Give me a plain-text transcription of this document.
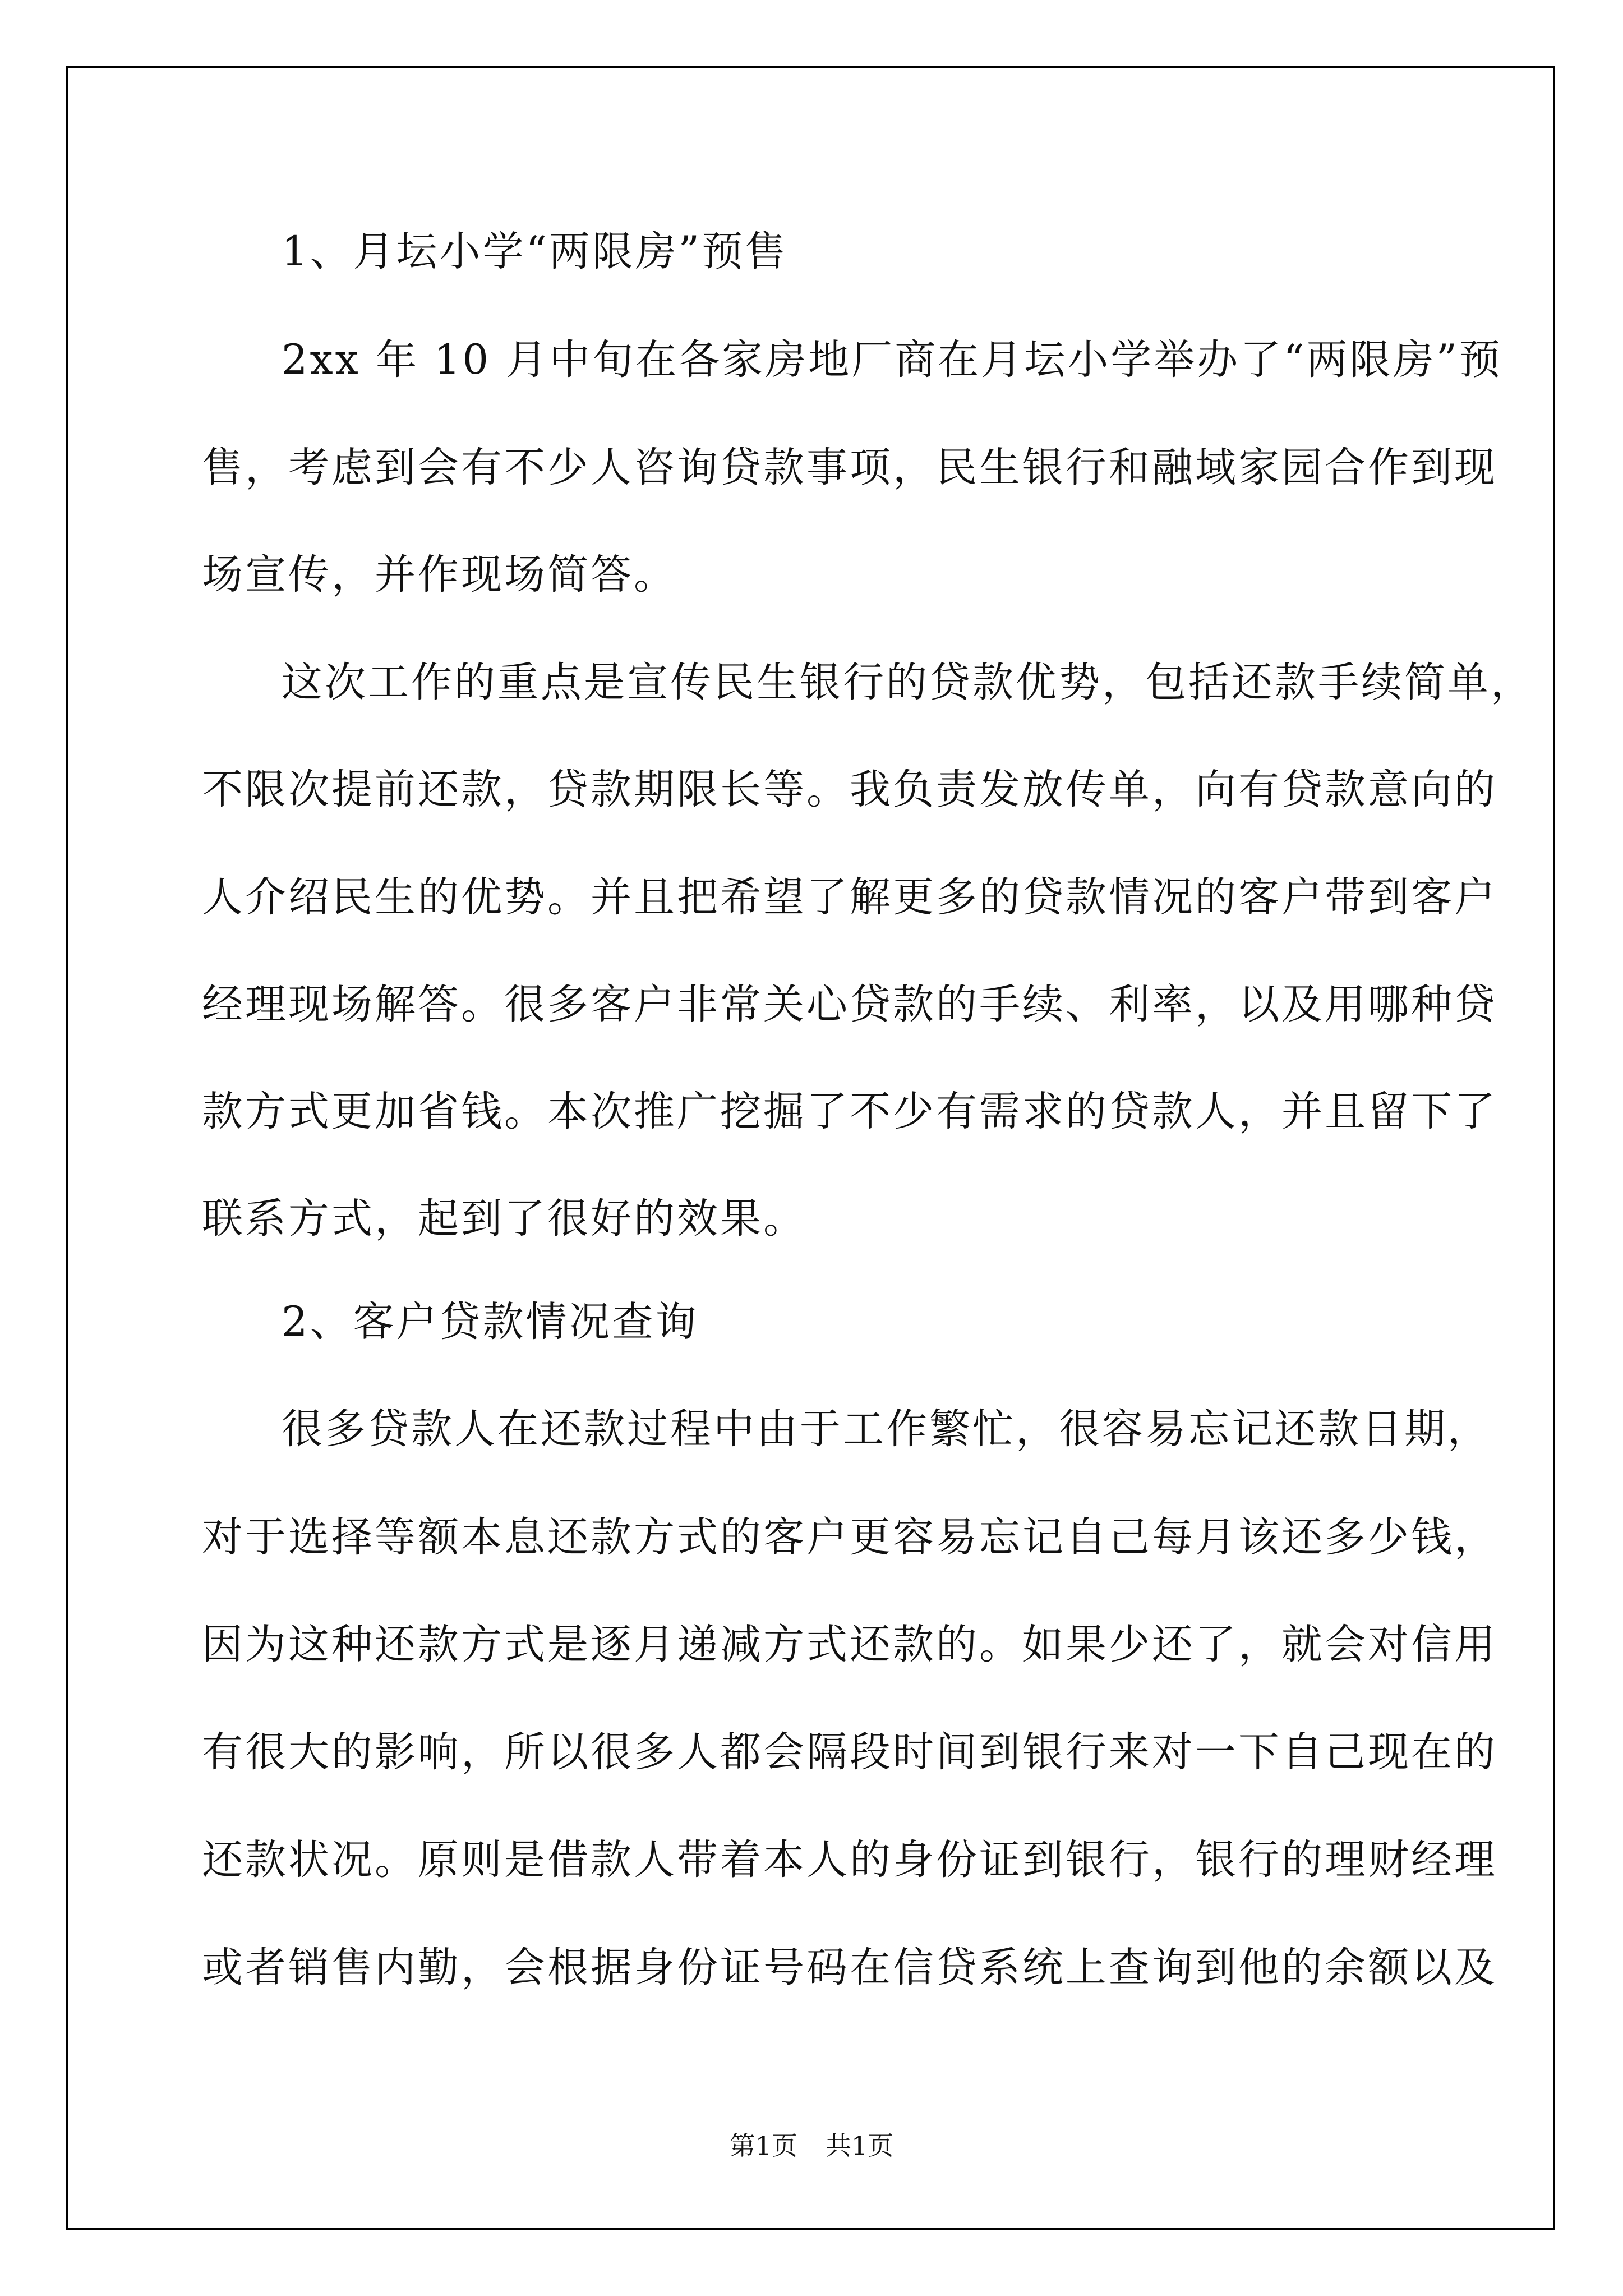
1、月坛小学“两限房”预售
2xx 年 10 月中旬在各家房地厂商在月坛小学举办了“两限房”预
售，考虑到会有不少人咨询贷款事项，民生银行和融域家园合作到现
场宣传，并作现场简答。
这次工作的重点是宣传民生银行的贷款优势，包括还款手续简单，
不限次提前还款，贷款期限长等。我负责发放传单，向有贷款意向的
人介绍民生的优势。并且把希望了解更多的贷款情况的客户带到客户
经理现场解答。很多客户非常关心贷款的手续、利率，以及用哪种贷
款方式更加省钱。本次推广挖掘了不少有需求的贷款人，并且留下了
联系方式，起到了很好的效果。
2、客户贷款情况查询
很多贷款人在还款过程中由于工作繁忙，很容易忘记还款日期，
对于选择等额本息还款方式的客户更容易忘记自己每月该还多少钱，
因为这种还款方式是逐月递减方式还款的。如果少还了，就会对信用
有很大的影响，所以很多人都会隔段时间到银行来对一下自己现在的
还款状况。原则是借款人带着本人的身份证到银行，银行的理财经理
或者销售内勤，会根据身份证号码在信贷系统上查询到他的余额以及
第1页 共1页
